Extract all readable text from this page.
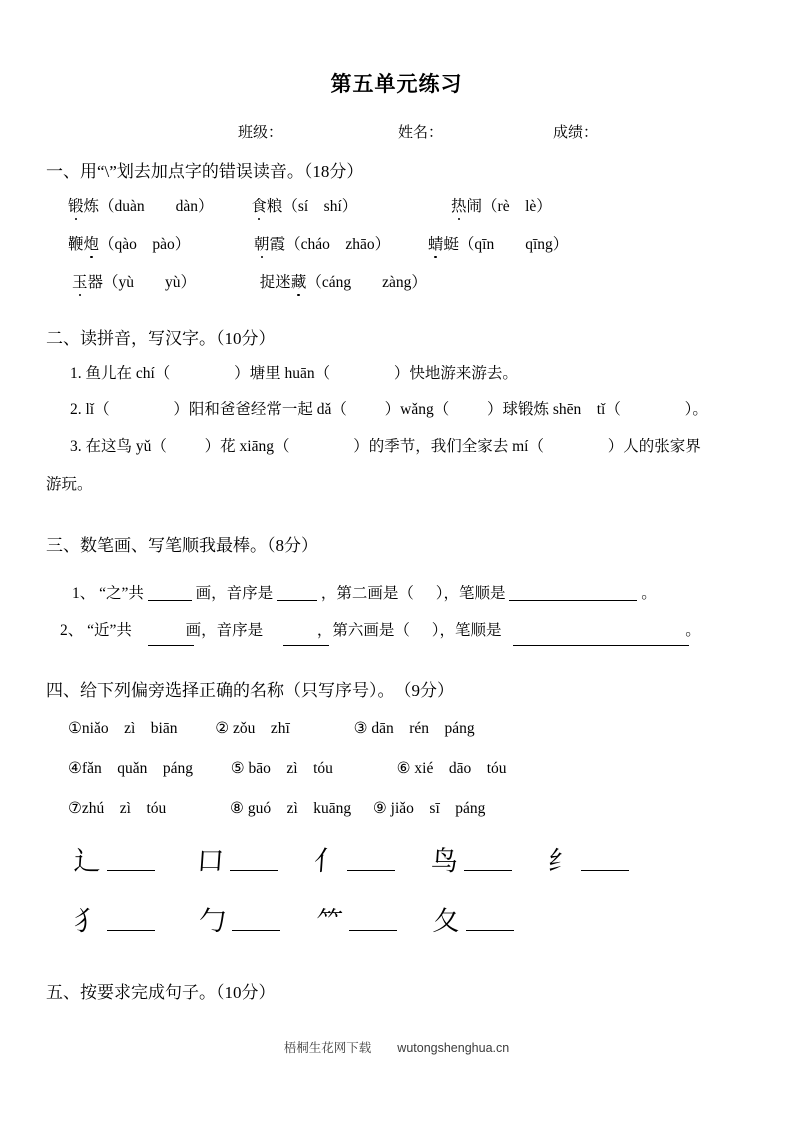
第五单元练习
班级：	姓名：	成绩：
一、用“\”划去加点字的错误读音。（18分）
锻炼（duàn　　dàn） 食粮（sí　shí）	热闹（rè　lè）
鞭炮（qào　pào）	朝霞（cháo　zhāo） 蜻蜓（qīn　　qīng）
玉器（yù　　yù）	捉迷藏（cáng　　zàng）
二、读拼音，写汉字。（10分）
1. 鱼儿在 chí（	）塘里 huān（	）快地游来游去。
2. lǐ（	）阳和爸爸经常一起 dǎ（ ）wǎng（ ）球锻炼 shēn　tǐ（	）。
3. 在这鸟 yǔ（ ）花 xiāng（	）的季节，我们全家去 mí（	）人的张家界
游玩。
三、数笔画、写笔顺我最棒。（8分）
1、 “之”共	画，音序是	，第二画是（ ），笔顺是	。
2、 “近”共	画，音序是	，第六画是（ ），笔顺是	。
四、给下列偏旁选择正确的名称（只写序号）。　（9分）
①niǎo　zì　biān ② zǒu　zhī	③ dān　rén　páng
④fǎn　quǎn　páng ⑤ bāo　zì　tóu	⑥ xié　dāo　tóu
⑦zhú　zì　tóu	⑧ guó　zì　kuāng ⑨ jiǎo　sī　páng
辶	口	亻	鸟	纟
犭	勹	⺮	夂
五、按要求完成句子。（10分）
梧桐生花网下载 wutongshenghua.cn
